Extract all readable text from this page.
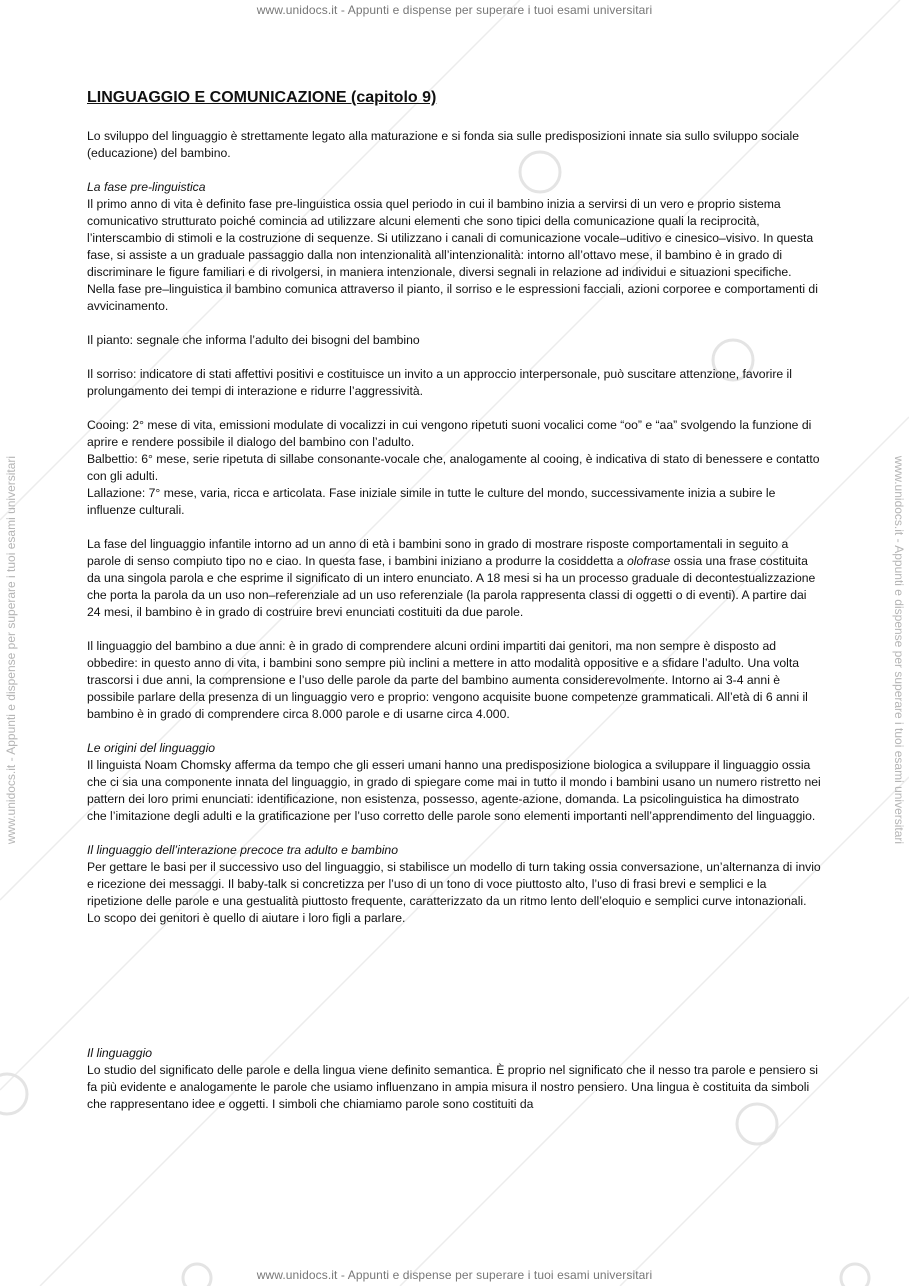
www.unidocs.it - Appunti e dispense per superare i tuoi esami universitari
www.unidocs.it - Appunti e dispense per superare i tuoi esami universitari	www.unidocs.it - Appunti e dispense per superare i tuoi esami universitari
LINGUAGGIO E COMUNICAZIONE (capitolo 9)

Lo sviluppo del linguaggio è strettamente legato alla maturazione e si fonda sia sulle predisposizioni innate sia sullo sviluppo sociale (educazione) del bambino.

La fase pre-linguistica
Il primo anno di vita è definito fase pre-linguistica ossia quel periodo in cui il bambino inizia a servirsi di un vero e proprio sistema comunicativo strutturato poiché comincia ad utilizzare alcuni elementi che sono tipici della comunicazione quali la reciprocità, l’interscambio di stimoli e la costruzione di sequenze. Si utilizzano i canali di comunicazione vocale–uditivo e cinesico–visivo. In questa fase, si assiste a un graduale passaggio dalla non intenzionalità all’intenzionalità: intorno all’ottavo mese, il bambino è in grado di discriminare le figure familiari e di rivolgersi, in maniera intenzionale, diversi segnali in relazione ad individui e situazioni specifiche. Nella fase pre–linguistica il bambino comunica attraverso il pianto, il sorriso e le espressioni facciali, azioni corporee e comportamenti di avvicinamento.

Il pianto: segnale che informa l’adulto dei bisogni del bambino

Il sorriso: indicatore di stati affettivi positivi e costituisce un invito a un approccio interpersonale, può suscitare attenzione, favorire il prolungamento dei tempi di interazione e ridurre l’aggressività.

Cooing: 2° mese di vita, emissioni modulate di vocalizzi in cui vengono ripetuti suoni vocalici come “oo” e “aa” svolgendo la funzione di aprire e rendere possibile il dialogo del bambino con l’adulto.
Balbettio: 6° mese, serie ripetuta di sillabe consonante-vocale che, analogamente al cooing, è indicativa di stato di benessere e contatto con gli adulti.
Lallazione: 7° mese, varia, ricca e articolata. Fase iniziale simile in tutte le culture del mondo, successivamente inizia a subire le influenze culturali.

La fase del linguaggio infantile intorno ad un anno di età i bambini sono in grado di mostrare risposte comportamentali in seguito a parole di senso compiuto tipo no e ciao. In questa fase, i bambini iniziano a produrre la cosiddetta a olofrase ossia una frase costituita da una singola parola e che esprime il significato di un intero enunciato. A 18 mesi si ha un processo graduale di decontestualizzazione che porta la parola da un uso non–referenziale ad un uso referenziale (la parola rappresenta classi di oggetti o di eventi). A partire dai 24 mesi, il bambino è in grado di costruire brevi enunciati costituiti da due parole.

Il linguaggio del bambino a due anni: è in grado di comprendere alcuni ordini impartiti dai genitori, ma non sempre è disposto ad obbedire: in questo anno di vita, i bambini sono sempre più inclini a mettere in atto modalità oppositive e a sfidare l’adulto. Una volta trascorsi i due anni, la comprensione e l’uso delle parole da parte del bambino aumenta considerevolmente. Intorno ai 3-4 anni è possibile parlare della presenza di un linguaggio vero e proprio: vengono acquisite buone competenze grammaticali. All’età di 6 anni il bambino è in grado di comprendere circa 8.000 parole e di usarne circa 4.000.

Le origini del linguaggio
Il linguista Noam Chomsky afferma da tempo che gli esseri umani hanno una predisposizione biologica a sviluppare il linguaggio ossia che ci sia una componente innata del linguaggio, in grado di spiegare come mai in tutto il mondo i bambini usano un numero ristretto nei pattern dei loro primi enunciati: identificazione, non esistenza, possesso, agente-azione, domanda. La psicolinguistica ha dimostrato che l’imitazione degli adulti e la gratificazione per l’uso corretto delle parole sono elementi importanti nell’apprendimento del linguaggio.

Il linguaggio dell’interazione precoce tra adulto e bambino
Per gettare le basi per il successivo uso del linguaggio, si stabilisce un modello di turn taking ossia conversazione, un’alternanza di invio e ricezione dei messaggi. Il baby-talk si concretizza per l’uso di un tono di voce piuttosto alto, l’uso di frasi brevi e semplici e la ripetizione delle parole e una gestualità piuttosto frequente, caratterizzato da un ritmo lento dell’eloquio e semplici curve intonazionali.
Lo scopo dei genitori è quello di aiutare i loro figli a parlare.

Il linguaggio
Lo studio del significato delle parole e della lingua viene definito semantica. È proprio nel significato che il nesso tra parole e pensiero si fa più evidente e analogamente le parole che usiamo influenzano in ampia misura il nostro pensiero. Una lingua è costituita da simboli che rappresentano idee e oggetti. I simboli che chiamiamo parole sono costituiti da

www.unidocs.it - Appunti e dispense per superare i tuoi esami universitari
